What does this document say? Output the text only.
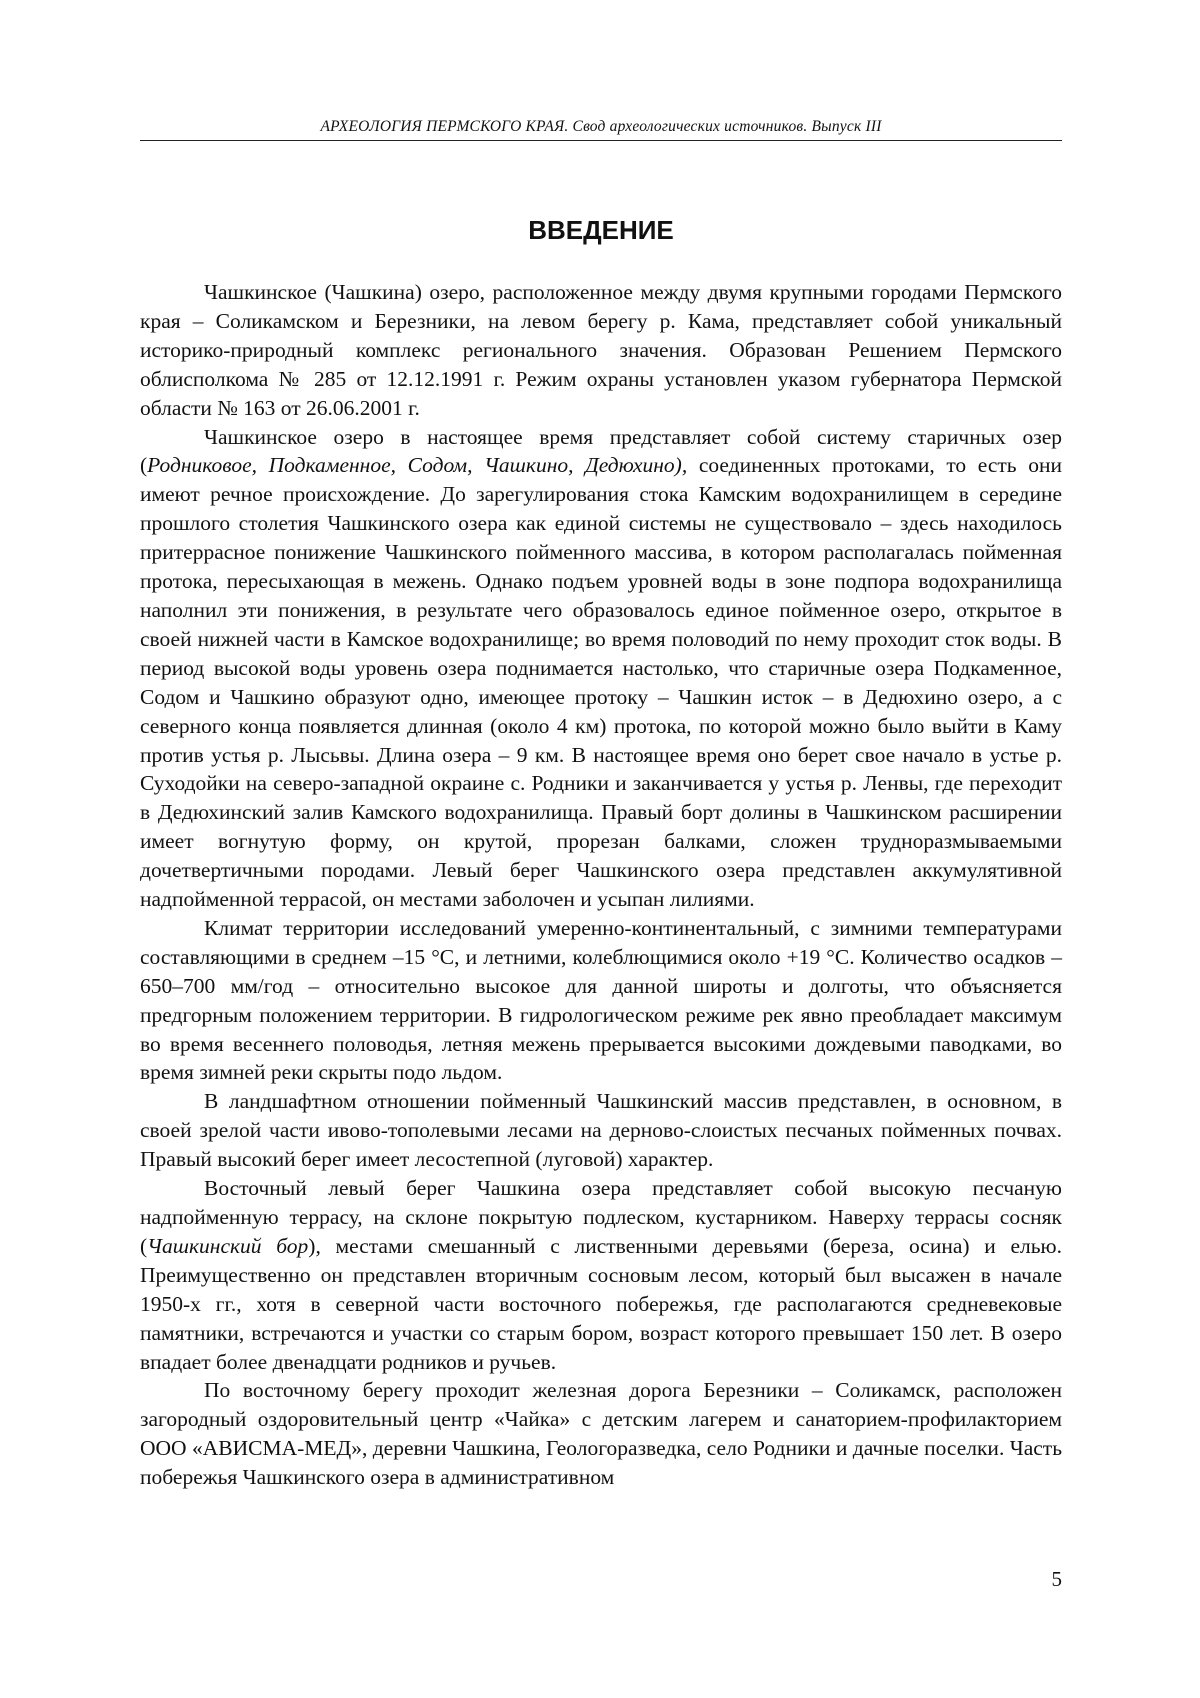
АРХЕОЛОГИЯ ПЕРМСКОГО КРАЯ. Свод археологических источников. Выпуск III
ВВЕДЕНИЕ

Чашкинское (Чашкина) озеро, расположенное между двумя крупными городами Пермского края – Соликамском и Березники, на левом берегу р. Кама, представляет собой уникальный историко-природный комплекс регионального значения. Образован Решением Пермского облисполкома № 285 от 12.12.1991 г. Режим охраны установлен указом губернатора Пермской области № 163 от 26.06.2001 г.

Чашкинское озеро в настоящее время представляет собой систему старичных озер (Родниковое, Подкаменное, Содом, Чашкино, Дедюхино), соединенных протоками, то есть они имеют речное происхождение. До зарегулирования стока Камским водохранилищем в середине прошлого столетия Чашкинского озера как единой системы не существовало – здесь находилось притеррасное понижение Чашкинского пойменного массива, в котором располагалась пойменная протока, пересыхающая в межень. Однако подъем уровней воды в зоне подпора водохранилища наполнил эти понижения, в результате чего образовалось единое пойменное озеро, открытое в своей нижней части в Камское водохранилище; во время половодий по нему проходит сток воды. В период высокой воды уровень озера поднимается настолько, что старичные озера Подкаменное, Содом и Чашкино образуют одно, имеющее протоку – Чашкин исток – в Дедюхино озеро, а с северного конца появляется длинная (около 4 км) протока, по которой можно было выйти в Каму против устья р. Лысьвы. Длина озера – 9 км. В настоящее время оно берет свое начало в устье р. Суходойки на северо-западной окраине с. Родники и заканчивается у устья р. Ленвы, где переходит в Дедюхинский залив Камского водохранилища. Правый борт долины в Чашкинском расширении имеет вогнутую форму, он крутой, прорезан балками, сложен трудноразмываемыми дочетвертичными породами. Левый берег Чашкинского озера представлен аккумулятивной надпойменной террасой, он местами заболочен и усыпан лилиями.

Климат территории исследований умеренно-континентальный, с зимними температурами составляющими в среднем –15 °С, и летними, колеблющимися около +19 °С. Количество осадков – 650–700 мм/год – относительно высокое для данной широты и долготы, что объясняется предгорным положением территории. В гидрологическом режиме рек явно преобладает максимум во время весеннего половодья, летняя межень прерывается высокими дождевыми паводками, во время зимней реки скрыты подо льдом.

В ландшафтном отношении пойменный Чашкинский массив представлен, в основном, в своей зрелой части ивово-тополевыми лесами на дерново-слоистых песчаных пойменных почвах. Правый высокий берег имеет лесостепной (луговой) характер.

Восточный левый берег Чашкина озера представляет собой высокую песчаную надпойменную террасу, на склоне покрытую подлеском, кустарником. Наверху террасы сосняк (Чашкинский бор), местами смешанный с лиственными деревьями (береза, осина) и елью. Преимущественно он представлен вторичным сосновым лесом, который был высажен в начале 1950-х гг., хотя в северной части восточного побережья, где располагаются средневековые памятники, встречаются и участки со старым бором, возраст которого превышает 150 лет. В озеро впадает более двенадцати родников и ручьев.

По восточному берегу проходит железная дорога Березники – Соликамск, расположен загородный оздоровительный центр «Чайка» с детским лагерем и санаторием-профилакторием ООО «АВИСМА-МЕД», деревни Чашкина, Геологоразведка, село Родники и дачные поселки. Часть побережья Чашкинского озера в административном

5
